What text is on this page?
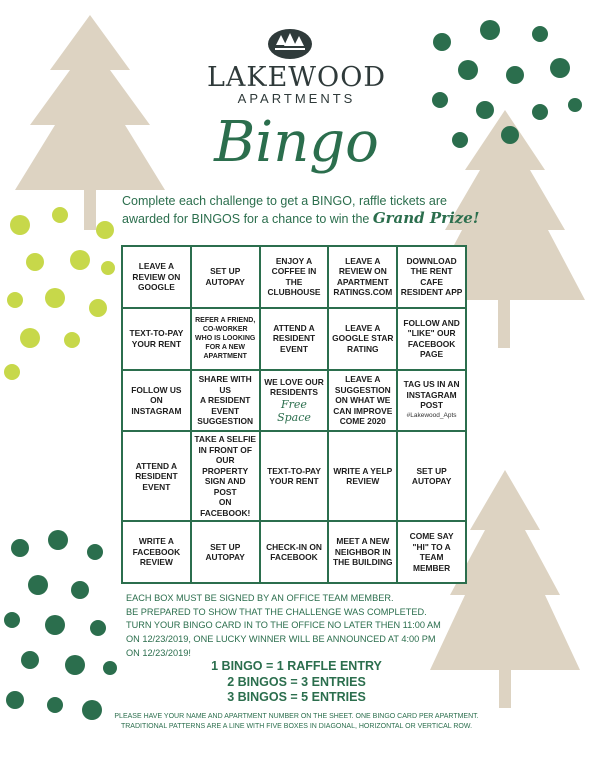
LAKEWOOD
APARTMENTS
Bingo
Complete each challenge to get a BINGO, raffle tickets are awarded for BINGOS for a chance to win the Grand Prize!
LEAVE A
REVIEW ON
GOOGLE
SET UP
AUTOPAY
ENJOY A
COFFEE IN THE
CLUBHOUSE
LEAVE A
REVIEW ON
APARTMENT
RATINGS.COM
DOWNLOAD
THE RENT
CAFE
RESIDENT APP
TEXT-TO-PAY
YOUR RENT
REFER A FRIEND,
CO-WORKER
WHO IS LOOKING
FOR A NEW
APARTMENT
ATTEND A
RESIDENT
EVENT
LEAVE A
GOOGLE STAR
RATING
FOLLOW AND
"LIKE" OUR
FACEBOOK
PAGE
FOLLOW US
ON
INSTAGRAM
SHARE WITH US
A RESIDENT
EVENT
SUGGESTION
WE LOVE OUR
RESIDENTS
Free
Space
LEAVE A
SUGGESTION
ON WHAT WE
CAN IMPROVE
COME 2020
TAG US IN AN
INSTAGRAM
POST
#Lakewood_Apts
ATTEND A
RESIDENT
EVENT
TAKE A SELFIE
IN FRONT OF
OUR PROPERTY
SIGN AND POST
ON FACEBOOK!
TEXT-TO-PAY
YOUR RENT
WRITE A YELP
REVIEW
SET UP
AUTOPAY
WRITE A
FACEBOOK
REVIEW
SET UP
AUTOPAY
CHECK-IN ON
FACEBOOK
MEET A NEW
NEIGHBOR IN
THE BUILDING
COME SAY
"HI" TO A
TEAM
MEMBER
EACH BOX MUST BE SIGNED BY AN OFFICE TEAM MEMBER.
BE PREPARED TO SHOW THAT THE CHALLENGE WAS COMPLETED.
TURN YOUR BINGO CARD IN TO THE OFFICE NO LATER THEN 11:00 AM
ON 12/23/2019, ONE LUCKY WINNER WILL BE ANNOUNCED AT 4:00 PM
ON 12/23/2019!
1 BINGO = 1 RAFFLE ENTRY
2 BINGOS = 3 ENTRIES
3 BINGOS = 5 ENTRIES
PLEASE HAVE YOUR NAME AND APARTMENT NUMBER ON THE SHEET. ONE BINGO CARD PER APARTMENT.
TRADITIONAL PATTERNS ARE A LINE WITH FIVE BOXES IN DIAGONAL, HORIZONTAL OR VERTICAL ROW.
